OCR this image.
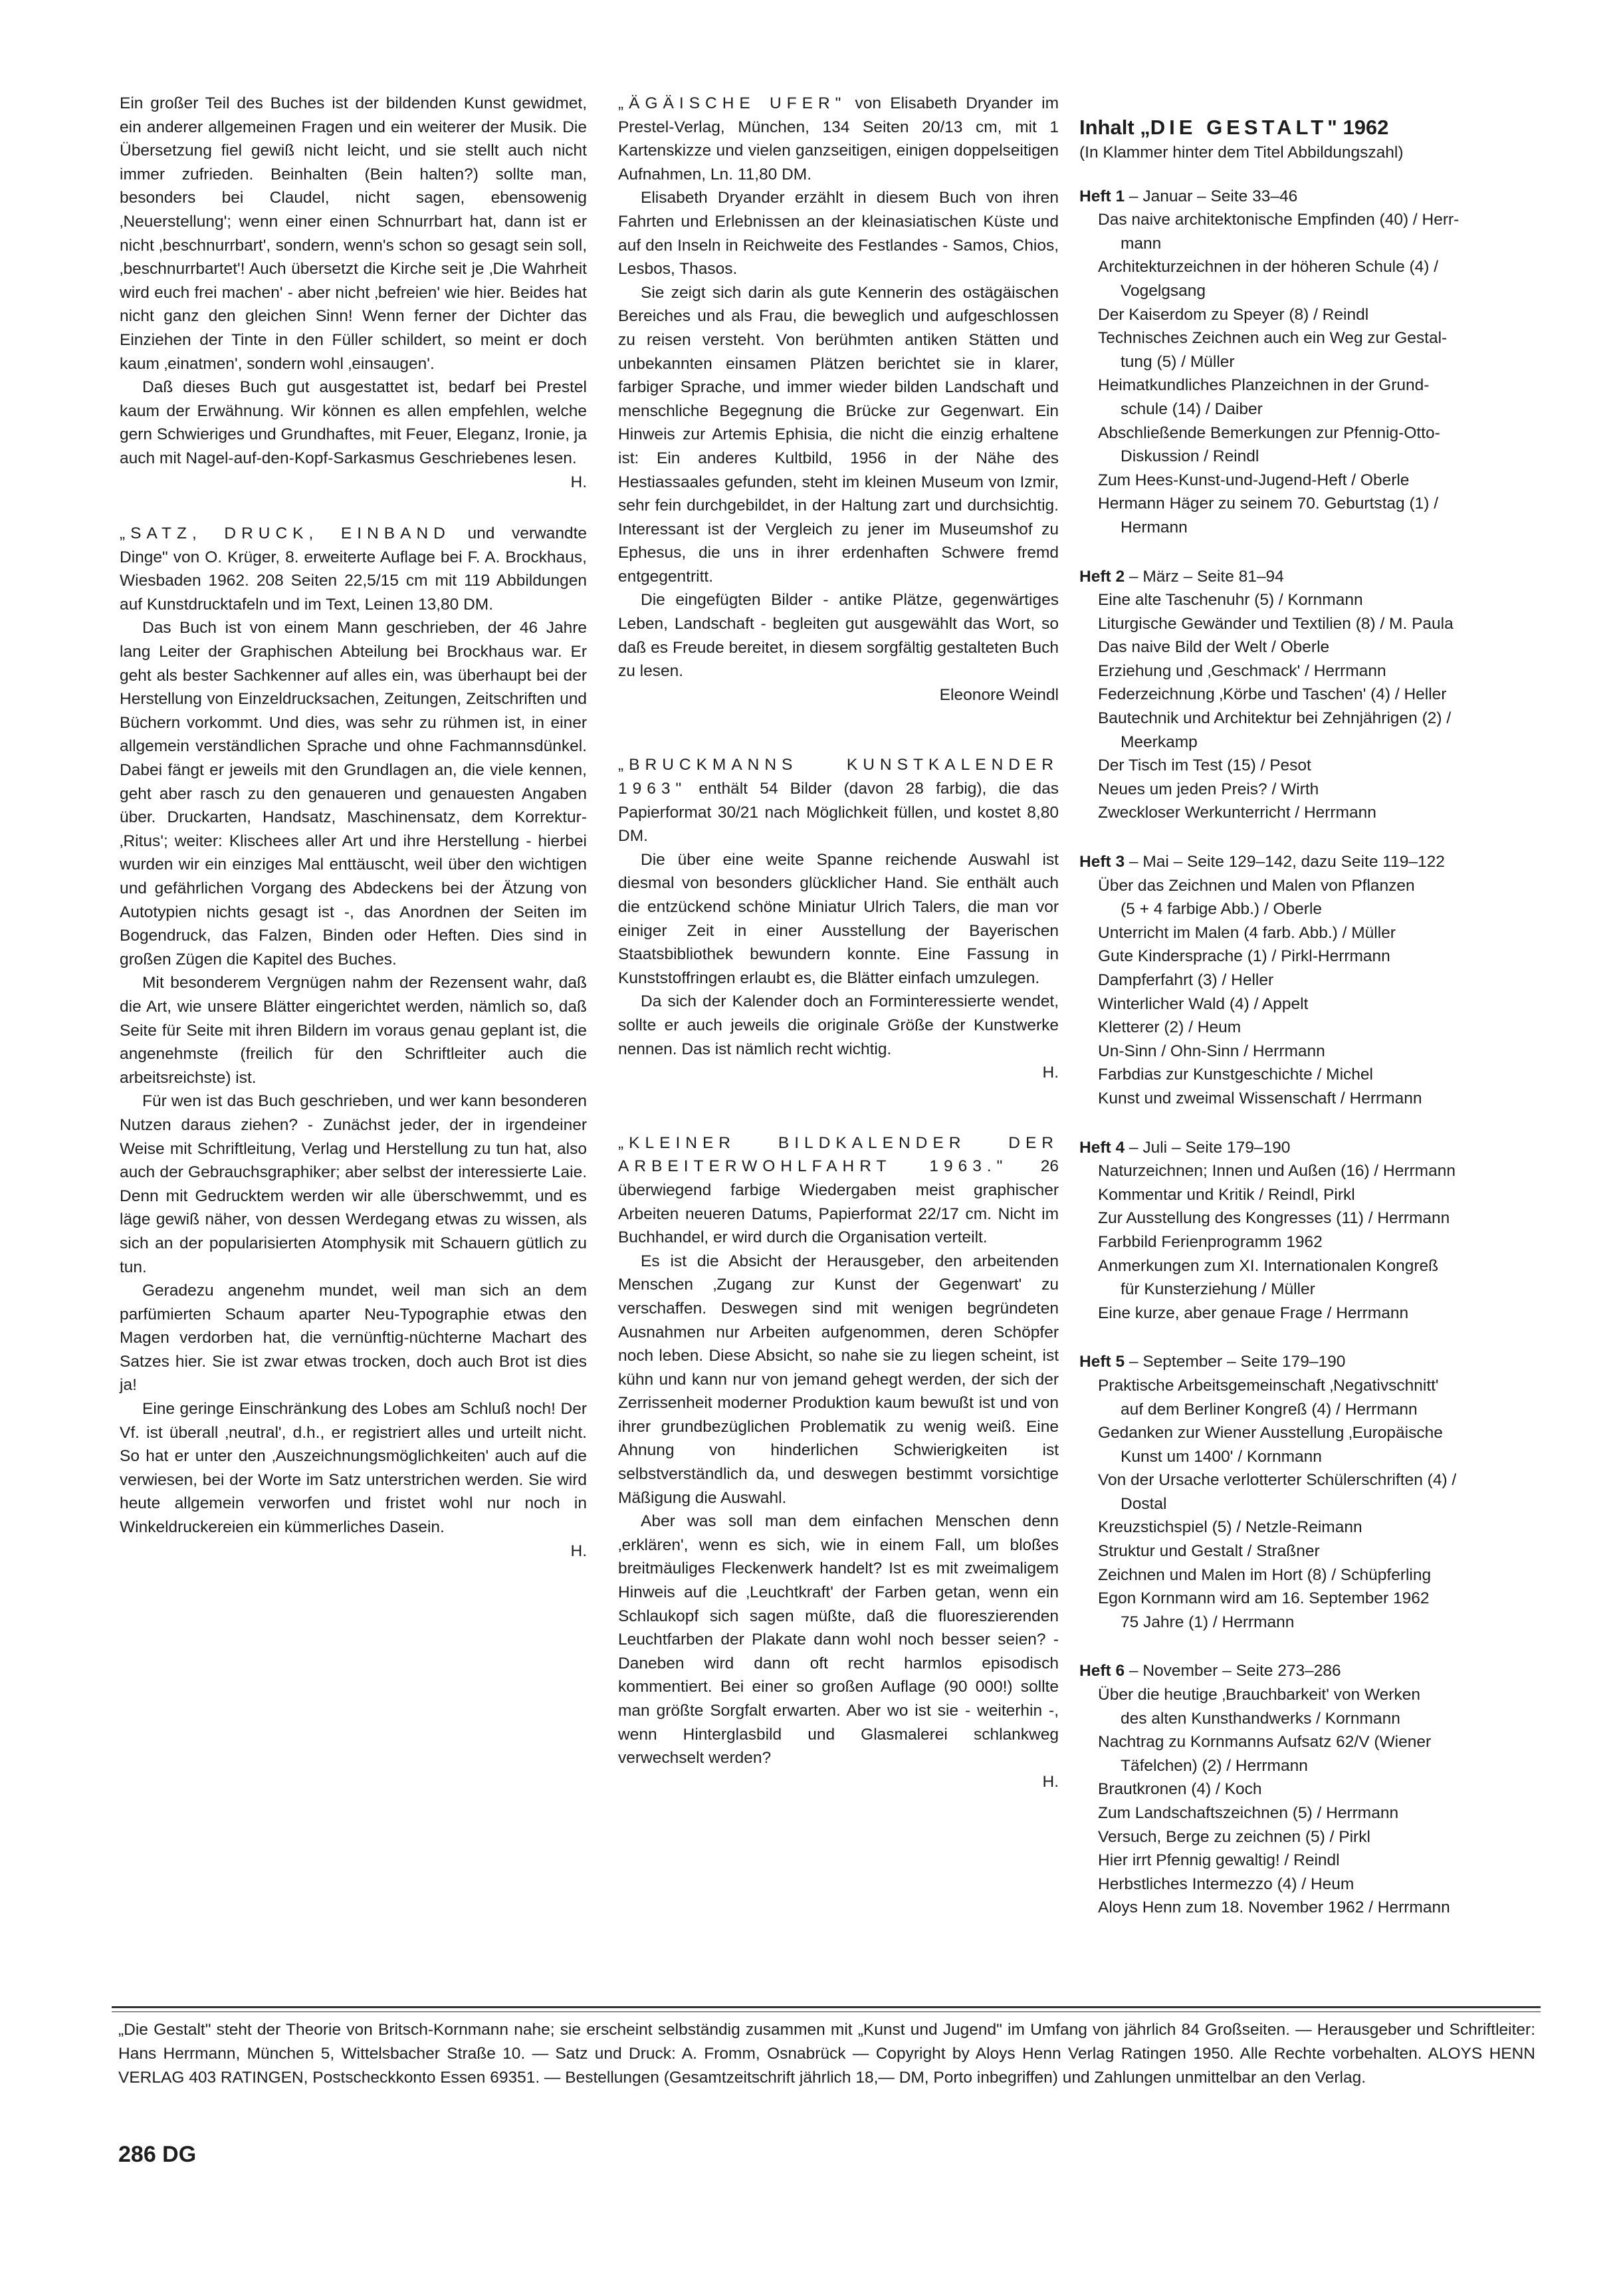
Ein großer Teil des Buches ist der bildenden Kunst gewidmet, ein anderer allgemeinen Fragen und ein weiterer der Musik. Die Übersetzung fiel gewiß nicht leicht, und sie stellt auch nicht immer zufrieden. Beinhalten (Bein halten?) sollte man, besonders bei Claudel, nicht sagen, ebensowenig ‚Neuerstellung'; wenn einer einen Schnurrbart hat, dann ist er nicht ‚beschnurrbart', sondern, wenn's schon so gesagt sein soll, ‚beschnurrbartet'! Auch übersetzt die Kirche seit je ‚Die Wahrheit wird euch frei machen' - aber nicht ‚befreien' wie hier. Beides hat nicht ganz den gleichen Sinn! Wenn ferner der Dichter das Einziehen der Tinte in den Füller schildert, so meint er doch kaum ‚einatmen', sondern wohl ‚einsaugen'.

Daß dieses Buch gut ausgestattet ist, bedarf bei Prestel kaum der Erwähnung. Wir können es allen empfehlen, welche gern Schwieriges und Grundhaftes, mit Feuer, Eleganz, Ironie, ja auch mit Nagel-auf-den-Kopf-Sarkasmus Geschriebenes lesen.

H.

„SATZ, DRUCK, EINBAND und verwandte Dinge" von O. Krüger, 8. erweiterte Auflage bei F. A. Brockhaus, Wiesbaden 1962. 208 Seiten 22,5/15 cm mit 119 Abbildungen auf Kunstdrucktafeln und im Text, Leinen 13,80 DM.

Das Buch ist von einem Mann geschrieben, der 46 Jahre lang Leiter der Graphischen Abteilung bei Brockhaus war. Er geht als bester Sachkenner auf alles ein, was überhaupt bei der Herstellung von Einzeldrucksachen, Zeitungen, Zeitschriften und Büchern vorkommt. Und dies, was sehr zu rühmen ist, in einer allgemein verständlichen Sprache und ohne Fachmannsdünkel. Dabei fängt er jeweils mit den Grundlagen an, die viele kennen, geht aber rasch zu den genaueren und genauesten Angaben über. Druckarten, Handsatz, Maschinensatz, dem Korrektur-‚Ritus'; weiter: Klischees aller Art und ihre Herstellung - hierbei wurden wir ein einziges Mal enttäuscht, weil über den wichtigen und gefährlichen Vorgang des Abdeckens bei der Ätzung von Autotypien nichts gesagt ist -, das Anordnen der Seiten im Bogendruck, das Falzen, Binden oder Heften. Dies sind in großen Zügen die Kapitel des Buches.

Mit besonderem Vergnügen nahm der Rezensent wahr, daß die Art, wie unsere Blätter eingerichtet werden, nämlich so, daß Seite für Seite mit ihren Bildern im voraus genau geplant ist, die angenehmste (freilich für den Schriftleiter auch die arbeitsreichste) ist.

Für wen ist das Buch geschrieben, und wer kann besonderen Nutzen daraus ziehen? - Zunächst jeder, der in irgendeiner Weise mit Schriftleitung, Verlag und Herstellung zu tun hat, also auch der Gebrauchsgraphiker; aber selbst der interessierte Laie. Denn mit Gedrucktem werden wir alle überschwemmt, und es läge gewiß näher, von dessen Werdegang etwas zu wissen, als sich an der popularisierten Atomphysik mit Schauern gütlich zu tun.

Geradezu angenehm mundet, weil man sich an dem parfümierten Schaum aparter Neu-Typographie etwas den Magen verdorben hat, die vernünftig-nüchterne Machart des Satzes hier. Sie ist zwar etwas trocken, doch auch Brot ist dies ja!

Eine geringe Einschränkung des Lobes am Schluß noch! Der Vf. ist überall ‚neutral', d.h., er registriert alles und urteilt nicht. So hat er unter den ‚Auszeichnungsmöglichkeiten' auch auf die verwiesen, bei der Worte im Satz unterstrichen werden. Sie wird heute allgemein verworfen und fristet wohl nur noch in Winkeldruckereien ein kümmerliches Dasein.

H.

„ÄGÄISCHE UFER" von Elisabeth Dryander im Prestel-Verlag, München, 134 Seiten 20/13 cm, mit 1 Kartenskizze und vielen ganzseitigen, einigen doppelseitigen Aufnahmen, Ln. 11,80 DM.

Elisabeth Dryander erzählt in diesem Buch von ihren Fahrten und Erlebnissen an der kleinasiatischen Küste und auf den Inseln in Reichweite des Festlandes - Samos, Chios, Lesbos, Thasos.

Sie zeigt sich darin als gute Kennerin des ostägäischen Bereiches und als Frau, die beweglich und aufgeschlossen zu reisen versteht. Von berühmten antiken Stätten und unbekannten einsamen Plätzen berichtet sie in klarer, farbiger Sprache, und immer wieder bilden Landschaft und menschliche Begegnung die Brücke zur Gegenwart. Ein Hinweis zur Artemis Ephisia, die nicht die einzig erhaltene ist: Ein anderes Kultbild, 1956 in der Nähe des Hestiassaales gefunden, steht im kleinen Museum von Izmir, sehr fein durchgebildet, in der Haltung zart und durchsichtig. Interessant ist der Vergleich zu jener im Museumshof zu Ephesus, die uns in ihrer erdenhaften Schwere fremd entgegentritt.

Die eingefügten Bilder - antike Plätze, gegenwärtiges Leben, Landschaft - begleiten gut ausgewählt das Wort, so daß es Freude bereitet, in diesem sorgfältig gestalteten Buch zu lesen.

Eleonore Weindl

„BRUCKMANNS KUNSTKALENDER 1963" enthält 54 Bilder (davon 28 farbig), die das Papierformat 30/21 nach Möglichkeit füllen, und kostet 8,80 DM.

Die über eine weite Spanne reichende Auswahl ist diesmal von besonders glücklicher Hand. Sie enthält auch die entzückend schöne Miniatur Ulrich Talers, die man vor einiger Zeit in einer Ausstellung der Bayerischen Staatsbibliothek bewundern konnte. Eine Fassung in Kunststoffringen erlaubt es, die Blätter einfach umzulegen.

Da sich der Kalender doch an Forminteressierte wendet, sollte er auch jeweils die originale Größe der Kunstwerke nennen. Das ist nämlich recht wichtig.

H.

„KLEINER BILDKALENDER DER ARBEITERWOHLFAHRT 1963." 26 überwiegend farbige Wiedergaben meist graphischer Arbeiten neueren Datums, Papierformat 22/17 cm. Nicht im Buchhandel, er wird durch die Organisation verteilt.

Es ist die Absicht der Herausgeber, den arbeitenden Menschen ‚Zugang zur Kunst der Gegenwart' zu verschaffen. Deswegen sind mit wenigen begründeten Ausnahmen nur Arbeiten aufgenommen, deren Schöpfer noch leben. Diese Absicht, so nahe sie zu liegen scheint, ist kühn und kann nur von jemand gehegt werden, der sich der Zerrissenheit moderner Produktion kaum bewußt ist und von ihrer grundbezüglichen Problematik zu wenig weiß. Eine Ahnung von hinderlichen Schwierigkeiten ist selbstverständlich da, und deswegen bestimmt vorsichtige Mäßigung die Auswahl.

Aber was soll man dem einfachen Menschen denn ‚erklären', wenn es sich, wie in einem Fall, um bloßes breitmäuliges Fleckenwerk handelt? Ist es mit zweimaligem Hinweis auf die ‚Leuchtkraft' der Farben getan, wenn ein Schlaukopf sich sagen müßte, daß die fluoreszierenden Leuchtfarben der Plakate dann wohl noch besser seien? - Daneben wird dann oft recht harmlos episodisch kommentiert. Bei einer so großen Auflage (90 000!) sollte man größte Sorgfalt erwarten. Aber wo ist sie - weiterhin -, wenn Hinterglasbild und Glasmalerei schlankweg verwechselt werden?

H.
Inhalt „DIE GESTALT" 1962
(In Klammer hinter dem Titel Abbildungszahl)
Heft 1 – Januar – Seite 33–46
Das naive architektonische Empfinden (40) / Herr-
mann
Architekturzeichnen in der höheren Schule (4) /
Vogelgsang
Der Kaiserdom zu Speyer (8) / Reindl
Technisches Zeichnen auch ein Weg zur Gestal-
tung (5) / Müller
Heimatkundliches Planzeichnen in der Grund-
schule (14) / Daiber
Abschließende Bemerkungen zur Pfennig-Otto-
Diskussion / Reindl
Zum Hees-Kunst-und-Jugend-Heft / Oberle
Hermann Häger zu seinem 70. Geburtstag (1) /
Hermann
Heft 2 – März – Seite 81–94
Eine alte Taschenuhr (5) / Kornmann
Liturgische Gewänder und Textilien (8) / M. Paula
Das naive Bild der Welt / Oberle
Erziehung und ‚Geschmack' / Herrmann
Federzeichnung ‚Körbe und Taschen' (4) / Heller
Bautechnik und Architektur bei Zehnjährigen (2) /
Meerkamp
Der Tisch im Test (15) / Pesot
Neues um jeden Preis? / Wirth
Zweckloser Werkunterricht / Herrmann
Heft 3 – Mai – Seite 129–142, dazu Seite 119–122
Über das Zeichnen und Malen von Pflanzen
(5 + 4 farbige Abb.) / Oberle
Unterricht im Malen (4 farb. Abb.) / Müller
Gute Kindersprache (1) / Pirkl-Herrmann
Dampferfahrt (3) / Heller
Winterlicher Wald (4) / Appelt
Kletterer (2) / Heum
Un-Sinn / Ohn-Sinn / Herrmann
Farbdias zur Kunstgeschichte / Michel
Kunst und zweimal Wissenschaft / Herrmann
Heft 4 – Juli – Seite 179–190
Naturzeichnen; Innen und Außen (16) / Herrmann
Kommentar und Kritik / Reindl, Pirkl
Zur Ausstellung des Kongresses (11) / Herrmann
Farbbild Ferienprogramm 1962
Anmerkungen zum XI. Internationalen Kongreß
für Kunsterziehung / Müller
Eine kurze, aber genaue Frage / Herrmann
Heft 5 – September – Seite 179–190
Praktische Arbeitsgemeinschaft ‚Negativschnitt'
auf dem Berliner Kongreß (4) / Herrmann
Gedanken zur Wiener Ausstellung ‚Europäische
Kunst um 1400' / Kornmann
Von der Ursache verlotterter Schülerschriften (4) /
Dostal
Kreuzstichspiel (5) / Netzle-Reimann
Struktur und Gestalt / Straßner
Zeichnen und Malen im Hort (8) / Schüpferling
Egon Kornmann wird am 16. September 1962
75 Jahre (1) / Herrmann
Heft 6 – November – Seite 273–286
Über die heutige ‚Brauchbarkeit' von Werken
des alten Kunsthandwerks / Kornmann
Nachtrag zu Kornmanns Aufsatz 62/V (Wiener
Täfelchen) (2) / Herrmann
Brautkronen (4) / Koch
Zum Landschaftszeichnen (5) / Herrmann
Versuch, Berge zu zeichnen (5) / Pirkl
Hier irrt Pfennig gewaltig! / Reindl
Herbstliches Intermezzo (4) / Heum
Aloys Henn zum 18. November 1962 / Herrmann
„Die Gestalt" steht der Theorie von Britsch-Kornmann nahe; sie erscheint selbständig zusammen mit „Kunst und Jugend" im Umfang von jährlich 84 Großseiten. — Herausgeber und Schriftleiter: Hans Herrmann, München 5, Wittelsbacher Straße 10. — Satz und Druck: A. Fromm, Osnabrück — Copyright by Aloys Henn Verlag Ratingen 1950. Alle Rechte vorbehalten. ALOYS HENN VERLAG 403 RATINGEN, Postscheckkonto Essen 69351. — Bestellungen (Gesamtzeitschrift jährlich 18,— DM, Porto inbegriffen) und Zahlungen unmittelbar an den Verlag.
286 DG
